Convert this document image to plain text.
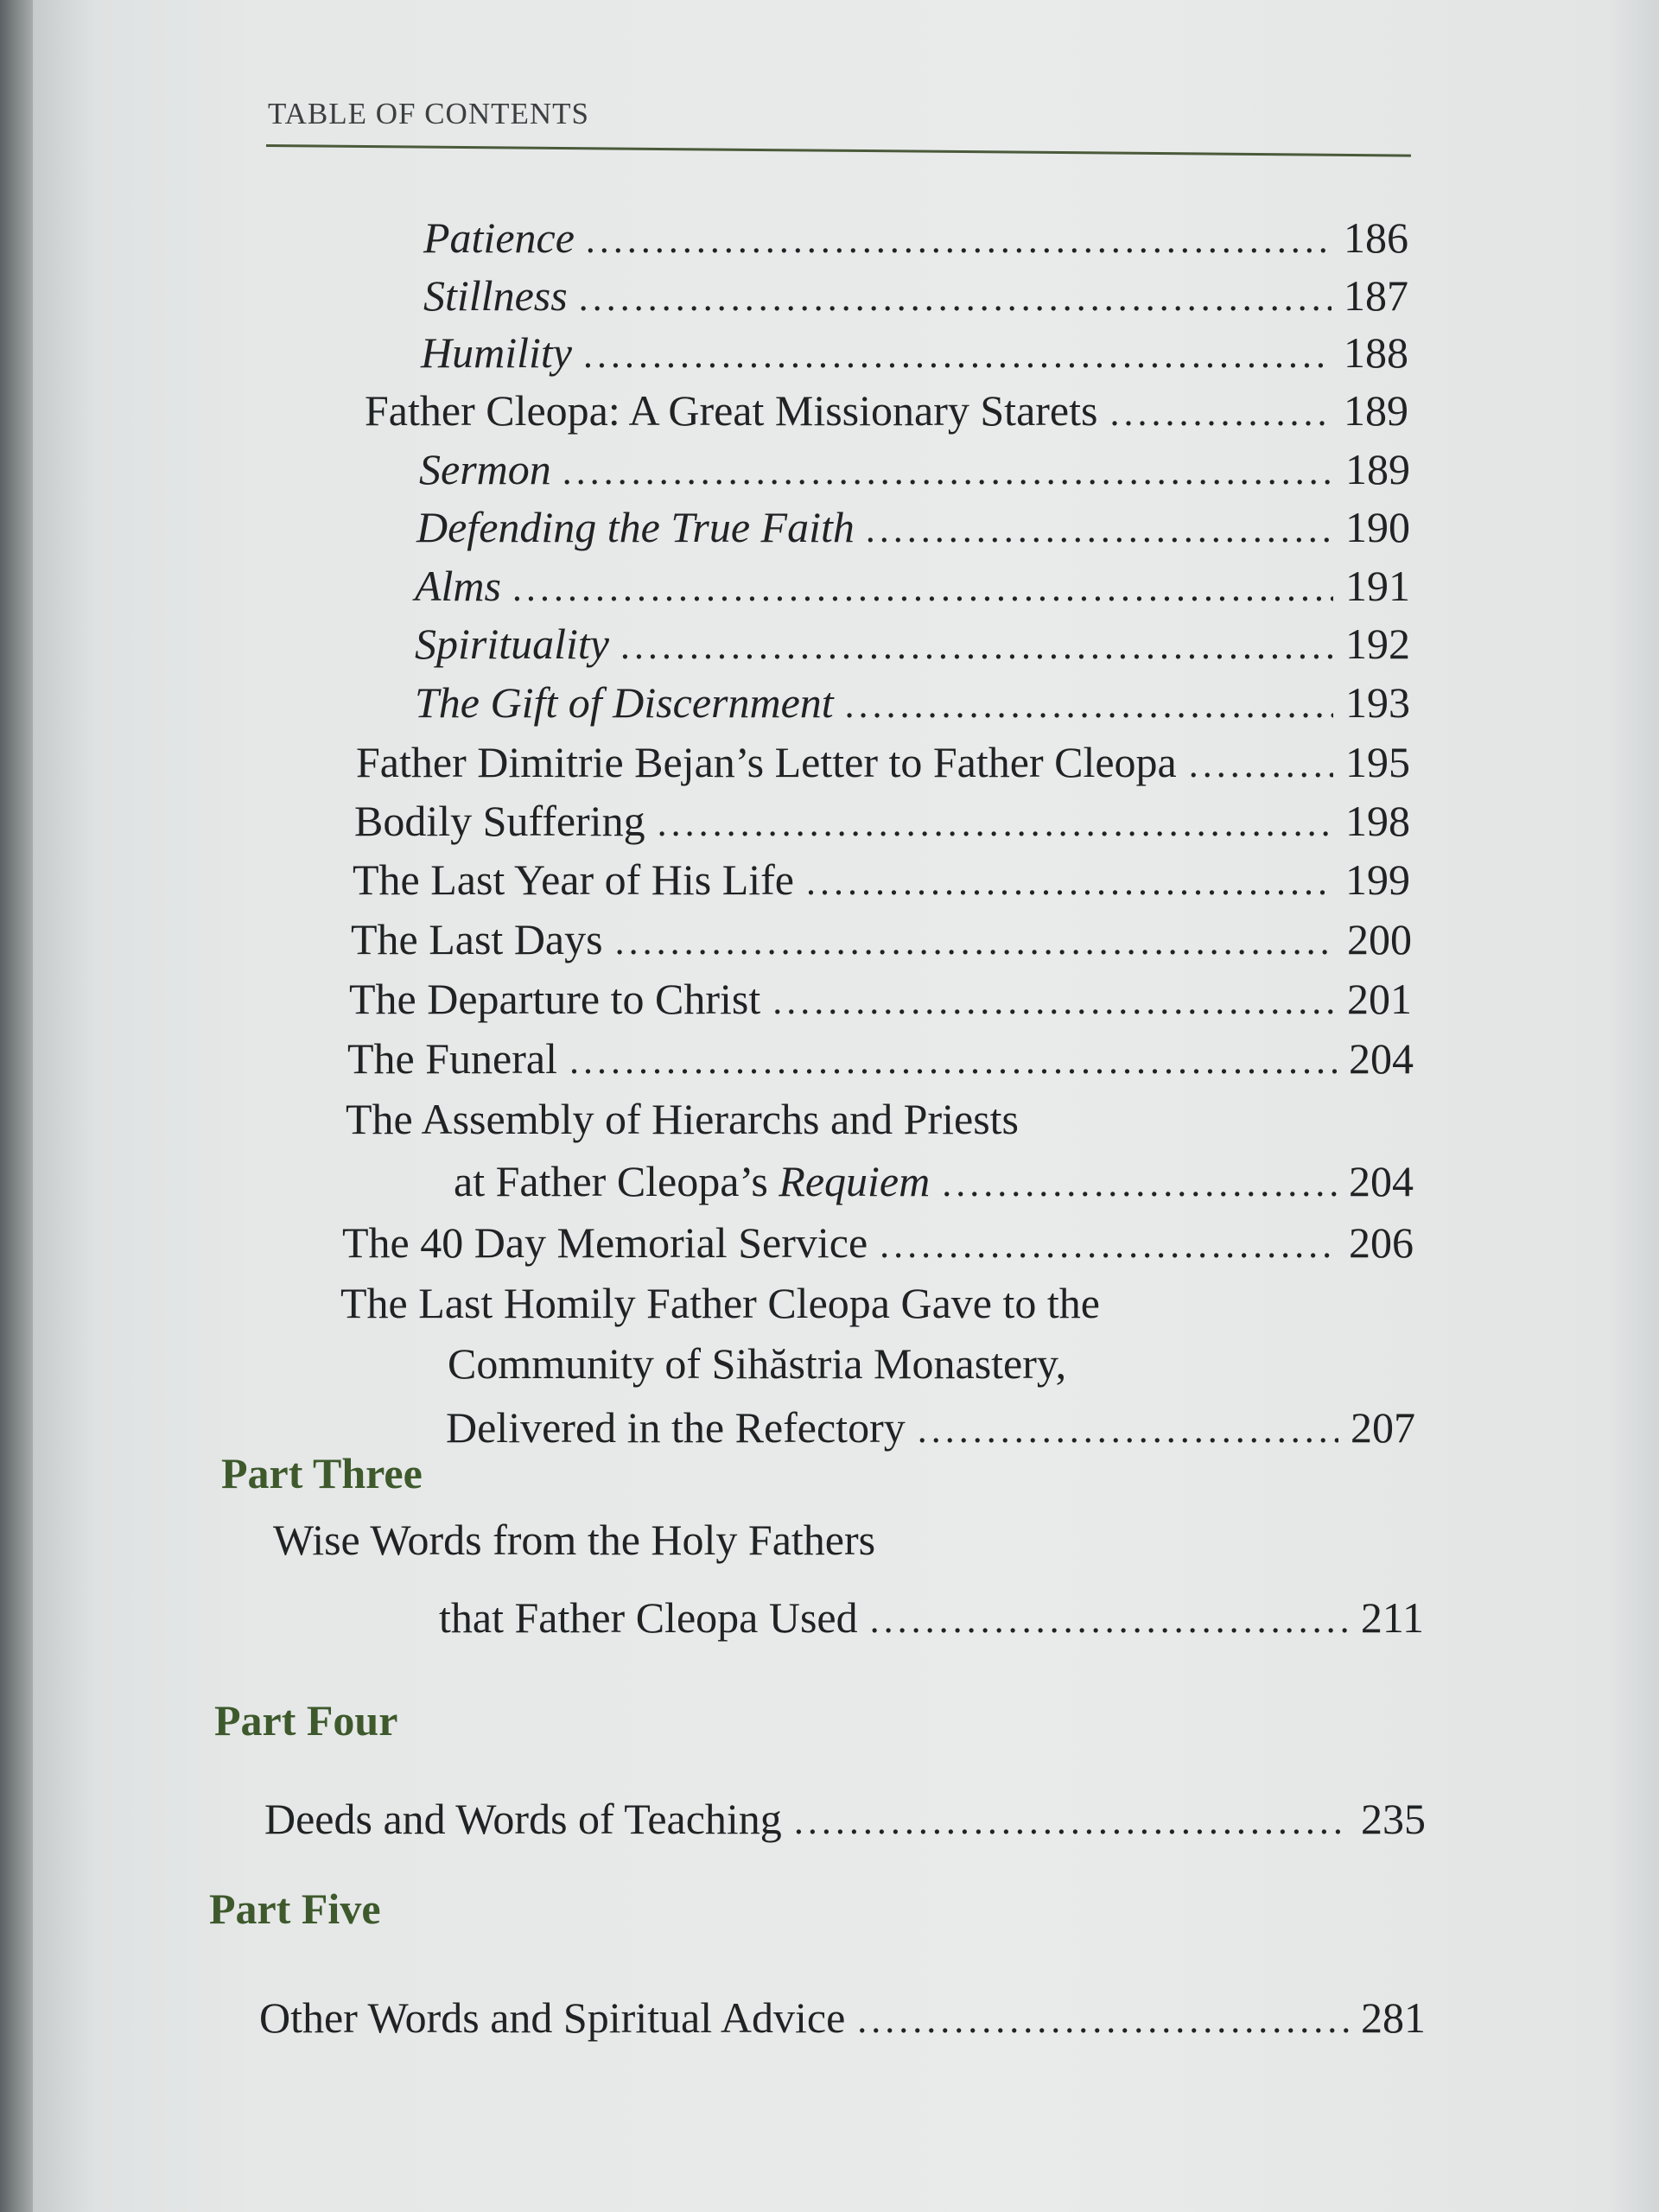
TABLE OF CONTENTS
Patience .....	186
Stillness .....	187
Humility .....	188
Father Cleopa: A Great Missionary Starets .....	189
Sermon .....	189
Defending the True Faith .....	190
Alms .....	191
Spirituality .....	192
The Gift of Discernment .....	193
Father Dimitrie Bejan’s Letter to Father Cleopa .....	195
Bodily Suffering .....	198
The Last Year of His Life .....	199
The Last Days .....	200
The Departure to Christ .....	201
The Funeral .....	204
The Assembly of Hierarchs and Priests
at Father Cleopa’s Requiem .....	204
The 40 Day Memorial Service .....	206
The Last Homily Father Cleopa Gave to the
Community of Sihăstria Monastery,
Delivered in the Refectory .....	207
Part Three
Wise Words from the Holy Fathers
that Father Cleopa Used .....	211
Part Four
Deeds and Words of Teaching .....	235
Part Five
Other Words and Spiritual Advice .....	281
